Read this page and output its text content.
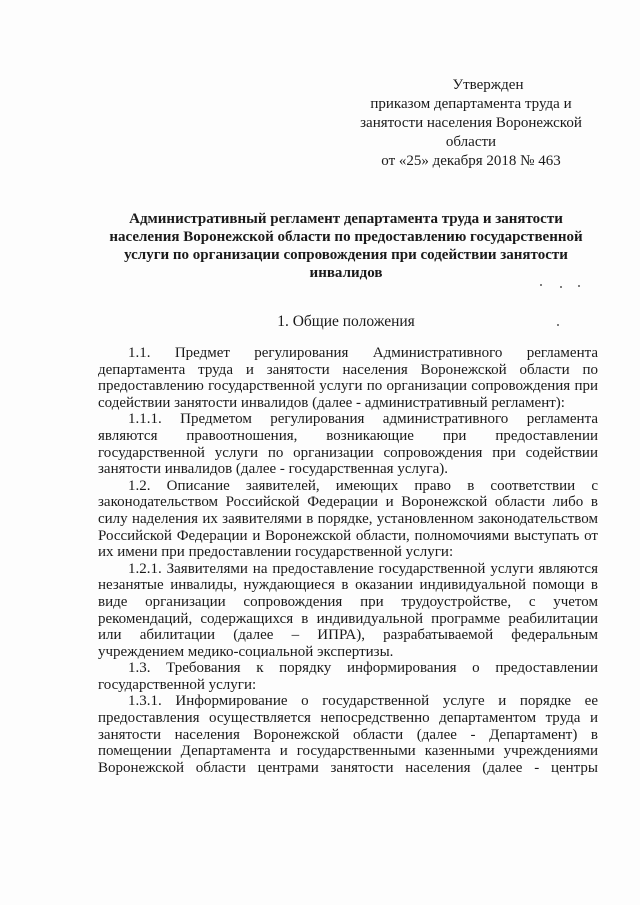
Утвержден
приказом департамента труда и
занятости населения Воронежской
области
от «25» декабря 2018 № 463
Административный регламент департамента труда и занятости
населения Воронежской области по предоставлению государственной
услуги по организации сопровождения при содействии занятости
инвалидов
1. Общие положения
1.1. Предмет регулирования Административного регламента
департамента труда и занятости населения Воронежской области по
предоставлению государственной услуги по организации сопровождения при
содействии занятости инвалидов (далее - административный регламент):
1.1.1. Предметом регулирования административного регламента
являются правоотношения, возникающие при предоставлении
государственной услуги по организации сопровождения при содействии
занятости инвалидов (далее - государственная услуга).
1.2. Описание заявителей, имеющих право в соответствии с
законодательством Российской Федерации и Воронежской области либо в
силу наделения их заявителями в порядке, установленном законодательством
Российской Федерации и Воронежской области, полномочиями выступать от
их имени при предоставлении государственной услуги:
1.2.1. Заявителями на предоставление государственной услуги являются
незанятые инвалиды, нуждающиеся в оказании индивидуальной помощи в
виде организации сопровождения при трудоустройстве, с учетом
рекомендаций, содержащихся в индивидуальной программе реабилитации
или абилитации (далее – ИПРА), разрабатываемой федеральным
учреждением медико-социальной экспертизы.
1.3. Требования к порядку информирования о предоставлении
государственной услуги:
1.3.1. Информирование о государственной услуге и порядке ее
предоставления осуществляется непосредственно департаментом труда и
занятости населения Воронежской области (далее - Департамент) в
помещении Департамента и государственными казенными учреждениями
Воронежской области центрами занятости населения (далее - центры
